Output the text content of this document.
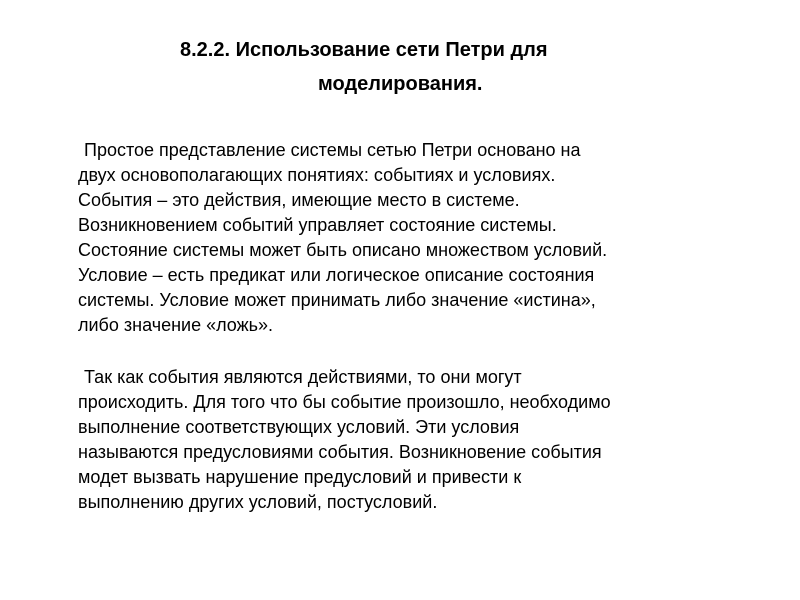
8.2.2. Использование сети Петри для
моделирования.
Простое представление системы сетью Петри основано на
двух основополагающих понятиях: событиях и условиях.
События – это действия, имеющие место в системе.
Возникновением событий управляет состояние системы.
Состояние системы может быть описано множеством условий.
Условие – есть предикат или логическое описание состояния
системы. Условие может принимать либо значение «истина»,
либо значение «ложь».
Так как события являются действиями, то они могут
происходить. Для того что бы событие произошло, необходимо
выполнение соответствующих условий. Эти условия
называются предусловиями события. Возникновение события
модет вызвать нарушение предусловий и привести к
выполнению других условий, постусловий.
